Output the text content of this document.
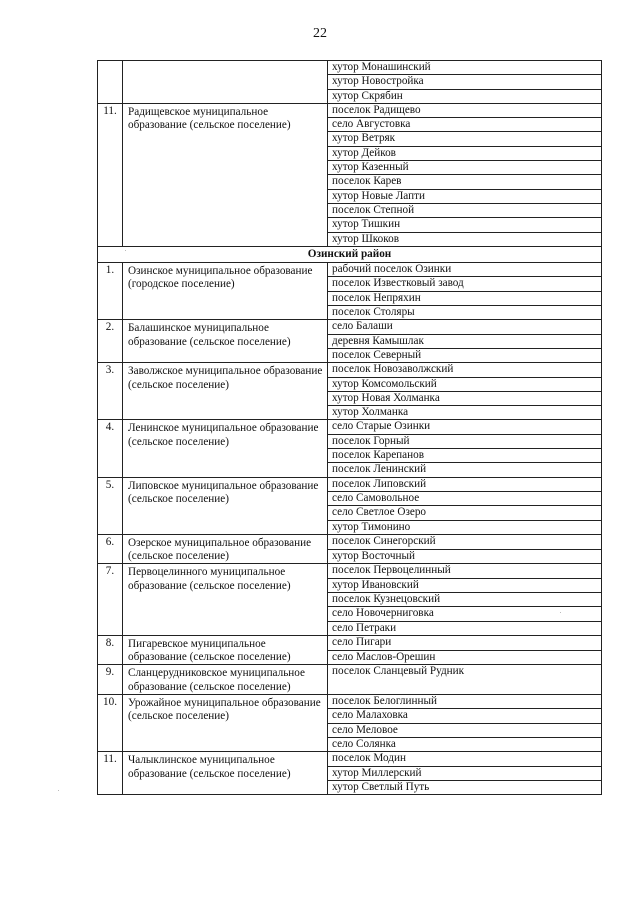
22
		хутор Монашинский
		хутор Новостройка
		хутор Скрябин
11.	Радищевское муниципальное образование (сельское поселение)	поселок Радищево
		село Августовка
		хутор Ветряк
		хутор Дейков
		хутор Казенный
		поселок Карев
		хутор Новые Лапти
		поселок Степной
		хутор Тишкин
		хутор Шкоков
Озинский район		
1.	Озинское муниципальное образование (городское поселение)	рабочий поселок Озинки
		поселок Известковый завод
		поселок Непряхин
		поселок Столяры
2.	Балашинское муниципальное образование (сельское поселение)	село Балаши
		деревня Камышлак
		поселок Северный
3.	Заволжское муниципальное образование (сельское поселение)	поселок Новозаволжский
		хутор Комсомольский
		хутор Новая Холманка
		хутор Холманка
4.	Ленинское муниципальное образование (сельское поселение)	село Старые Озинки
		поселок Горный
		поселок Карепанов
		поселок Ленинский
5.	Липовское муниципальное образование (сельское поселение)	поселок Липовский
		село Самовольное
		село Светлое Озеро
		хутор Тимонино
6.	Озерское муниципальное образование (сельское поселение)	поселок Синегорский
		хутор Восточный
7.	Первоцелинного муниципальное образование (сельское поселение)	поселок Первоцелинный
		хутор Ивановский
		поселок Кузнецовский
		село Новочерниговка
		село Петраки
8.	Пигаревское муниципальное образование (сельское поселение)	село Пигари
		село Маслов-Орешин
9.	Сланцерудниковское муниципальное образование (сельское поселение)	поселок Сланцевый Рудник
10.	Урожайное муниципальное образование (сельское поселение)	поселок Белоглинный
		село Малаховка
		село Меловое
		село Солянка
11.	Чалыклинское муниципальное образование (сельское поселение)	поселок Модин
		хутор Миллерский
		хутор Светлый Путь
